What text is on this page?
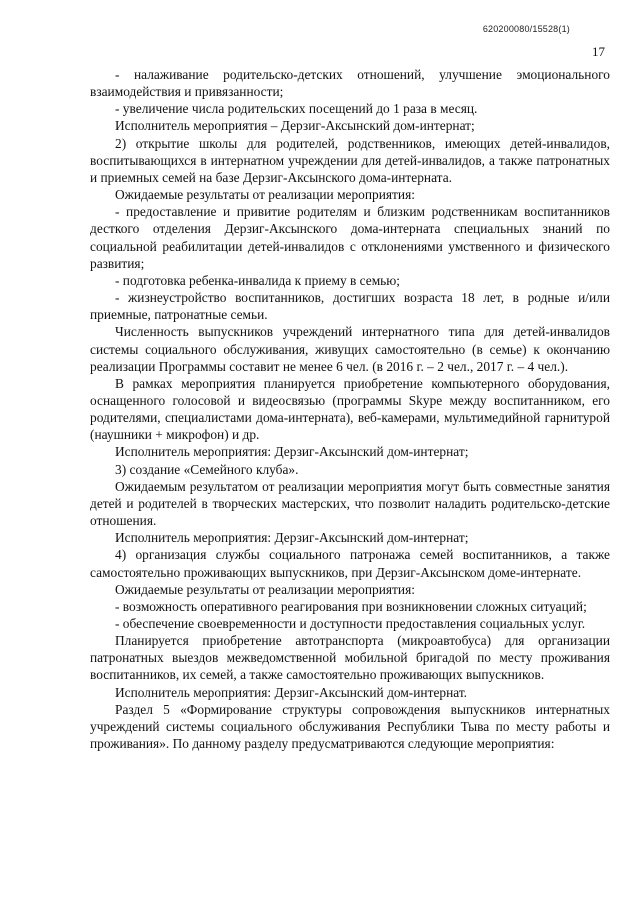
620200080/15528(1)
17

- налаживание родительско-детских отношений, улучшение эмоционального взаимодействия и привязанности;

- увеличение числа родительских посещений до 1 раза в месяц.

Исполнитель мероприятия – Дерзиг-Аксынский дом-интернат;

2) открытие школы для родителей, родственников, имеющих детей-инвалидов, воспитывающихся в интернатном учреждении для детей-инвалидов, а также патронатных и приемных семей на базе Дерзиг-Аксынского дома-интерната.

Ожидаемые результаты от реализации мероприятия:

- предоставление и привитие родителям и близким родственникам воспитанников десткого отделения Дерзиг-Аксынского дома-интерната специальных знаний по социальной реабилитации детей-инвалидов с отклонениями умственного и физического развития;

- подготовка ребенка-инвалида к приему в семью;

- жизнеустройство воспитанников, достигших возраста 18 лет, в родные и/или приемные, патронатные семьи.

Численность выпускников учреждений интернатного типа для детей-инвалидов системы социального обслуживания, живущих самостоятельно (в семье) к окончанию реализации Программы составит не менее 6 чел. (в 2016 г. – 2 чел., 2017 г. – 4 чел.).

В рамках мероприятия планируется приобретение компьютерного оборудования, оснащенного голосовой и видеосвязью (программы Skype между воспитанником, его родителями, специалистами дома-интерната), веб-камерами, мультимедийной гарнитурой (наушники + микрофон) и др.

Исполнитель мероприятия: Дерзиг-Аксынский дом-интернат;

3) создание «Семейного клуба».

Ожидаемым результатом от реализации мероприятия могут быть совместные занятия детей и родителей в творческих мастерских, что позволит наладить родительско-детские отношения.

Исполнитель мероприятия: Дерзиг-Аксынский дом-интернат;

4) организация службы социального патронажа семей воспитанников, а также самостоятельно проживающих выпускников, при Дерзиг-Аксынском доме-интернате.

Ожидаемые результаты от реализации мероприятия:

- возможность оперативного реагирования при возникновении сложных ситуаций;

- обеспечение своевременности и доступности предоставления социальных услуг.

Планируется приобретение автотранспорта (микроавтобуса) для организации патронатных выездов межведомственной мобильной бригадой по месту проживания воспитанников, их семей, а также самостоятельно проживающих выпускников.

Исполнитель мероприятия: Дерзиг-Аксынский дом-интернат.

Раздел 5 «Формирование структуры сопровождения выпускников интернатных учреждений системы социального обслуживания Республики Тыва по месту работы и проживания». По данному разделу предусматриваются следующие мероприятия:
